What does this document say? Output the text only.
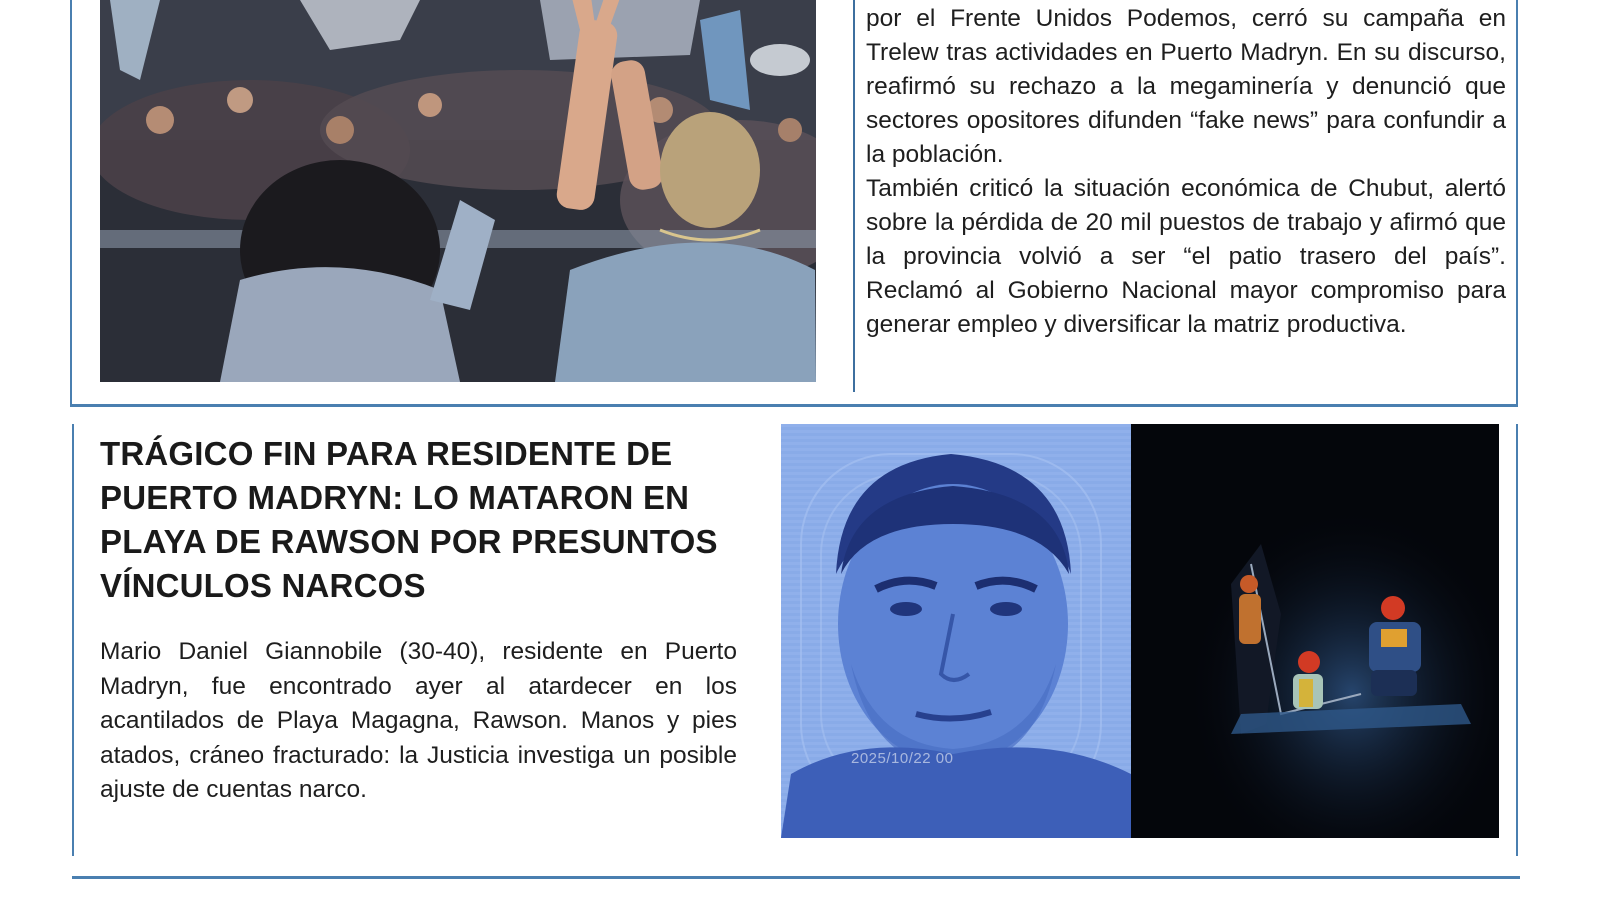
por el Frente Unidos Podemos, cerró su campaña en Trelew tras actividades en Puerto Madryn. En su discurso, reafirmó su rechazo a la megaminería y denunció que sectores opositores difunden “fake news” para confundir a la población.

También criticó la situación económica de Chubut, alertó sobre la pérdida de 20 mil puestos de trabajo y afirmó que la provincia volvió a ser “el patio trasero del país”. Reclamó al Gobierno Nacional mayor compromiso para generar empleo y diversificar la matriz productiva.

TRÁGICO FIN PARA RESIDENTE DE PUERTO MADRYN: LO MATARON EN PLAYA DE RAWSON POR PRESUNTOS VÍNCULOS NARCOS

Mario Daniel Giannobile (30-40), residente en Puerto Madryn, fue encontrado ayer al atardecer en los acantilados de Playa Magagna, Rawson. Manos y pies atados, cráneo fracturado: la Justicia investiga un posible ajuste de cuentas narco.

2025/10/22 00
